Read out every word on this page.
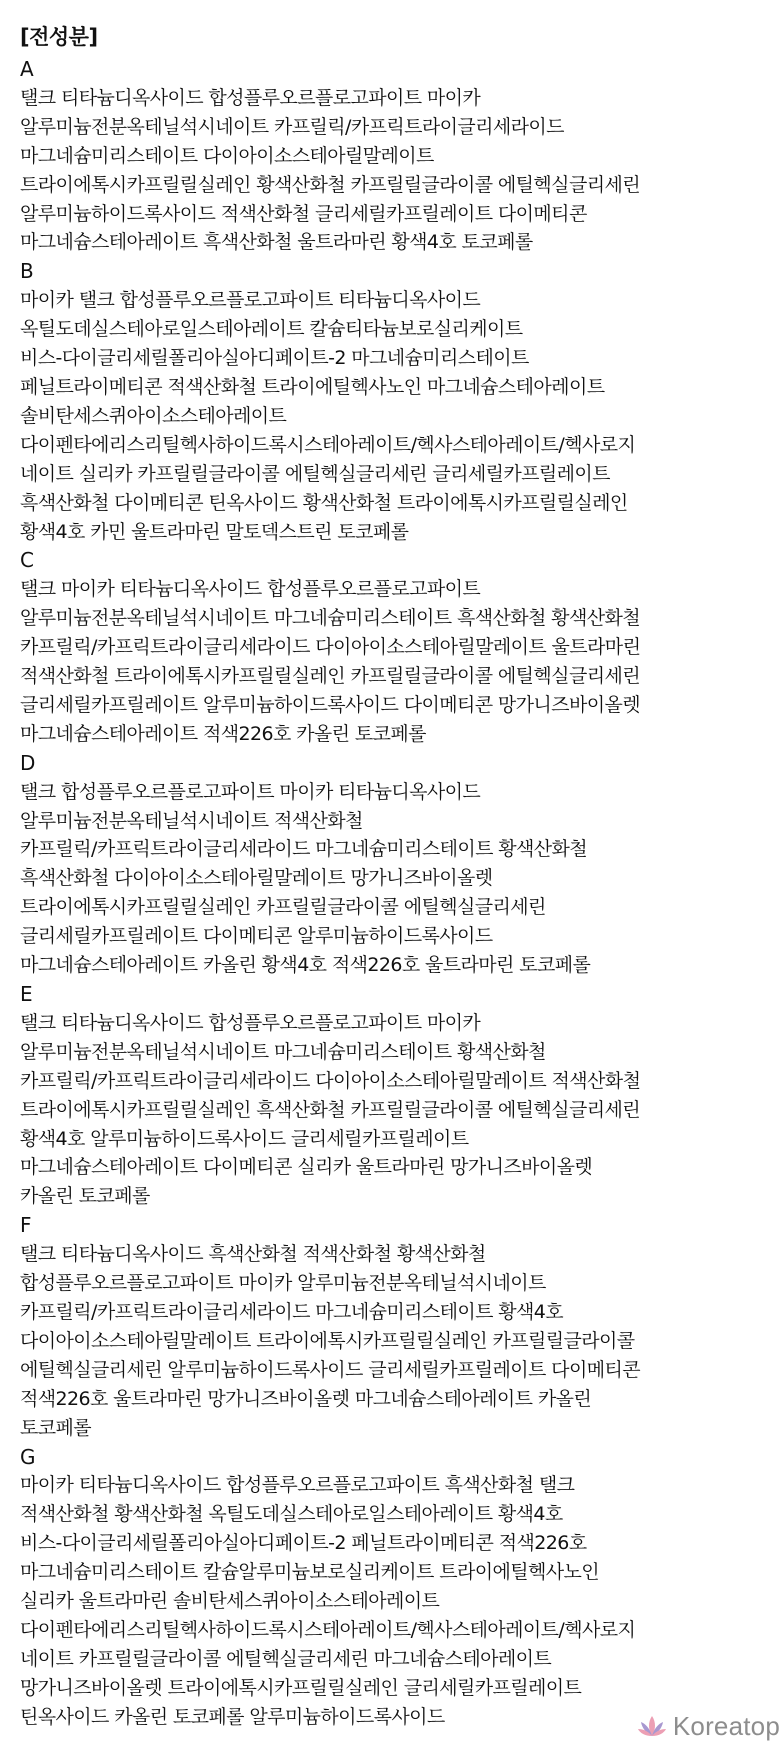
[전성분]
A
탤크 티타늄디옥사이드 합성플루오르플로고파이트 마이카
알루미늄전분옥테닐석시네이트 카프릴릭/카프릭트라이글리세라이드
마그네슘미리스테이트 다이아이소스테아릴말레이트
트라이에톡시카프릴릴실레인 황색산화철 카프릴릴글라이콜 에틸헥실글리세린
알루미늄하이드록사이드 적색산화철 글리세릴카프릴레이트 다이메티콘
마그네슘스테아레이트 흑색산화철 울트라마린 황색4호 토코페롤
B
마이카 탤크 합성플루오르플로고파이트 티타늄디옥사이드
옥틸도데실스테아로일스테아레이트 칼슘티타늄보로실리케이트
비스-다이글리세릴폴리아실아디페이트-2 마그네슘미리스테이트
페닐트라이메티콘 적색산화철 트라이에틸헥사노인 마그네슘스테아레이트
솔비탄세스퀴아이소스테아레이트
다이펜타에리스리틸헥사하이드록시스테아레이트/헥사스테아레이트/헥사로지
네이트 실리카 카프릴릴글라이콜 에틸헥실글리세린 글리세릴카프릴레이트
흑색산화철 다이메티콘 틴옥사이드 황색산화철 트라이에톡시카프릴릴실레인
황색4호 카민 울트라마린 말토덱스트린 토코페롤
C
탤크 마이카 티타늄디옥사이드 합성플루오르플로고파이트
알루미늄전분옥테닐석시네이트 마그네슘미리스테이트 흑색산화철 황색산화철
카프릴릭/카프릭트라이글리세라이드 다이아이소스테아릴말레이트 울트라마린
적색산화철 트라이에톡시카프릴릴실레인 카프릴릴글라이콜 에틸헥실글리세린
글리세릴카프릴레이트 알루미늄하이드록사이드 다이메티콘 망가니즈바이올렛
마그네슘스테아레이트 적색226호 카올린 토코페롤
D
탤크 합성플루오르플로고파이트 마이카 티타늄디옥사이드
알루미늄전분옥테닐석시네이트 적색산화철
카프릴릭/카프릭트라이글리세라이드 마그네슘미리스테이트 황색산화철
흑색산화철 다이아이소스테아릴말레이트 망가니즈바이올렛
트라이에톡시카프릴릴실레인 카프릴릴글라이콜 에틸헥실글리세린
글리세릴카프릴레이트 다이메티콘 알루미늄하이드록사이드
마그네슘스테아레이트 카올린 황색4호 적색226호 울트라마린 토코페롤
E
탤크 티타늄디옥사이드 합성플루오르플로고파이트 마이카
알루미늄전분옥테닐석시네이트 마그네슘미리스테이트 황색산화철
카프릴릭/카프릭트라이글리세라이드 다이아이소스테아릴말레이트 적색산화철
트라이에톡시카프릴릴실레인 흑색산화철 카프릴릴글라이콜 에틸헥실글리세린
황색4호 알루미늄하이드록사이드 글리세릴카프릴레이트
마그네슘스테아레이트 다이메티콘 실리카 울트라마린 망가니즈바이올렛
카올린 토코페롤
F
탤크 티타늄디옥사이드 흑색산화철 적색산화철 황색산화철
합성플루오르플로고파이트 마이카 알루미늄전분옥테닐석시네이트
카프릴릭/카프릭트라이글리세라이드 마그네슘미리스테이트 황색4호
다이아이소스테아릴말레이트 트라이에톡시카프릴릴실레인 카프릴릴글라이콜
에틸헥실글리세린 알루미늄하이드록사이드 글리세릴카프릴레이트 다이메티콘
적색226호 울트라마린 망가니즈바이올렛 마그네슘스테아레이트 카올린
토코페롤
G
마이카 티타늄디옥사이드 합성플루오르플로고파이트 흑색산화철 탤크
적색산화철 황색산화철 옥틸도데실스테아로일스테아레이트 황색4호
비스-다이글리세릴폴리아실아디페이트-2 페닐트라이메티콘 적색226호
마그네슘미리스테이트 칼슘알루미늄보로실리케이트 트라이에틸헥사노인
실리카 울트라마린 솔비탄세스퀴아이소스테아레이트
다이펜타에리스리틸헥사하이드록시스테아레이트/헥사스테아레이트/헥사로지
네이트 카프릴릴글라이콜 에틸헥실글리세린 마그네슘스테아레이트
망가니즈바이올렛 트라이에톡시카프릴릴실레인 글리세릴카프릴레이트
틴옥사이드 카올린 토코페롤 알루미늄하이드록사이드	Koreatop
